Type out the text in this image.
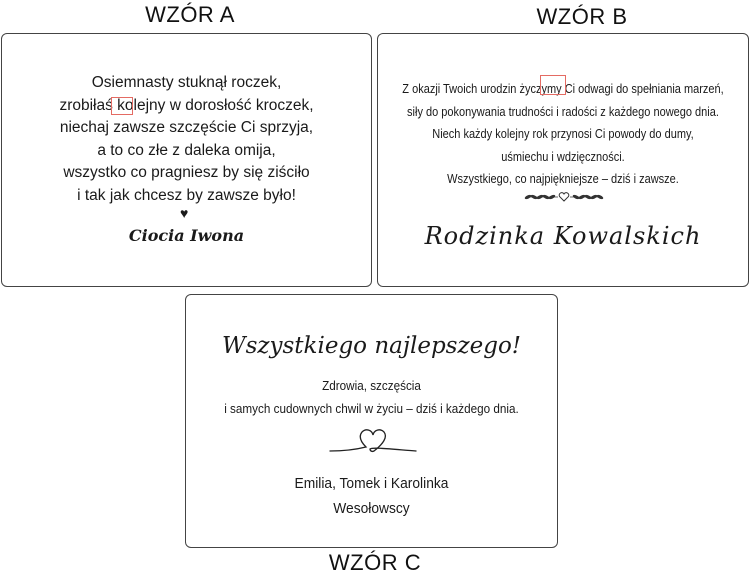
WZÓR A	WZÓR B
Osiemnasty stuknął roczek,
zrobiłaś kolejny w dorosłość kroczek,
niechaj zawsze szczęście Ci sprzyja,
a to co złe z daleka omija,
wszystko co pragniesz by się ziściło
i tak jak chcesz by zawsze było!
♥
Ciocia Iwona
Z okazji Twoich urodzin życzymy Ci odwagi do spełniania marzeń,
siły do pokonywania trudności i radości z każdego nowego dnia.
Niech każdy kolejny rok przynosi Ci powody do dumy,
uśmiechu i wdzięczności.
Wszystkiego, co najpiękniejsze – dziś i zawsze.
Rodzinka Kowalskich
Wszystkiego najlepszego!
Zdrowia, szczęścia
i samych cudownych chwil w życiu – dziś i każdego dnia.
Emilia, Tomek i Karolinka
Wesołowscy
WZÓR C
